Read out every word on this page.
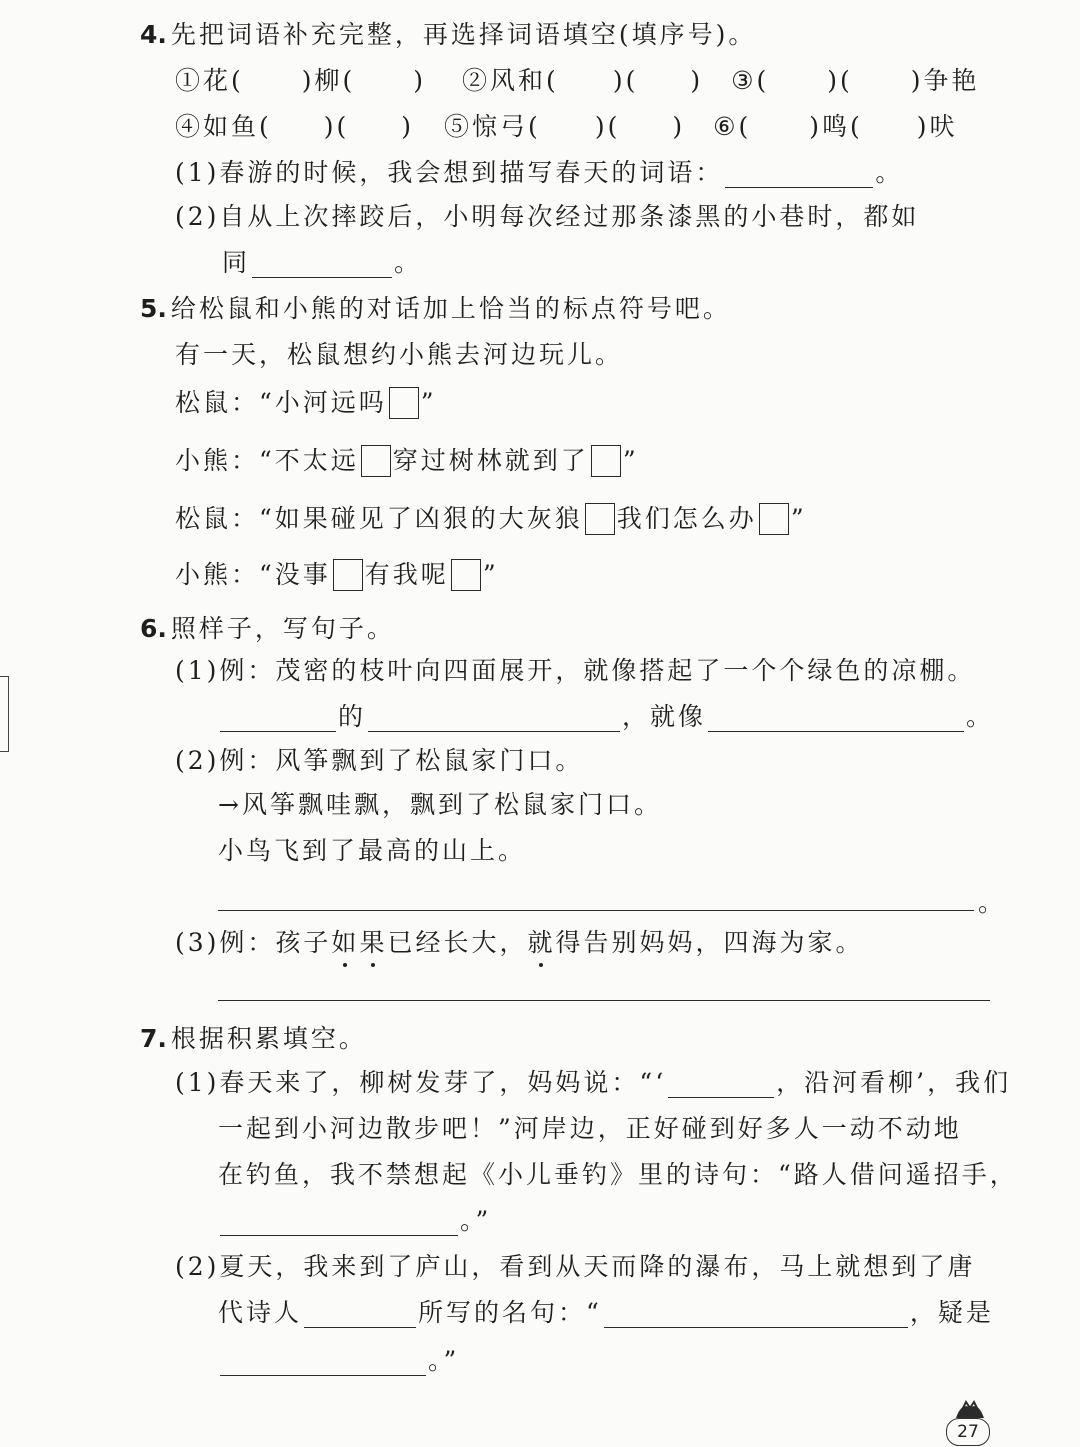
4. 先把词语补充完整，再选择词语填空(填序号)。
①花( )柳( ) ②风和( )( ) ③( )( )争艳
④如鱼( )( ) ⑤惊弓( )( ) ⑥( )鸣( )吠
(1)春游的时候，我会想到描写春天的词语：	。
(2)自从上次摔跤后，小明每次经过那条漆黑的小巷时，都如
同	。
5. 给松鼠和小熊的对话加上恰当的标点符号吧。
有一天，松鼠想约小熊去河边玩儿。
松鼠：“小河远吗 ”
小熊：“不太远 穿过树林就到了 ”
松鼠：“如果碰见了凶狠的大灰狼 我们怎么办 ”
小熊：“没事 有我呢 ”
6. 照样子，写句子。
(1)例：茂密的枝叶向四面展开，就像搭起了一个个绿色的凉棚。
的	，就像	。
(2)例：风筝飘到了松鼠家门口。
→风筝飘哇飘，飘到了松鼠家门口。
小鸟飞到了最高的山上。
。
(3)例：孩子如果已经长大，就得告别妈妈，四海为家。
7. 根据积累填空。
(1)春天来了，柳树发芽了，妈妈说：“‘	，沿河看柳’，我们
一起到小河边散步吧！”河岸边，正好碰到好多人一动不动地
在钓鱼，我不禁想起《小儿垂钓》里的诗句：“路人借问遥招手，
。”
(2)夏天，我来到了庐山，看到从天而降的瀑布，马上就想到了唐
代诗人	所写的名句：“	，疑是
。”
27
